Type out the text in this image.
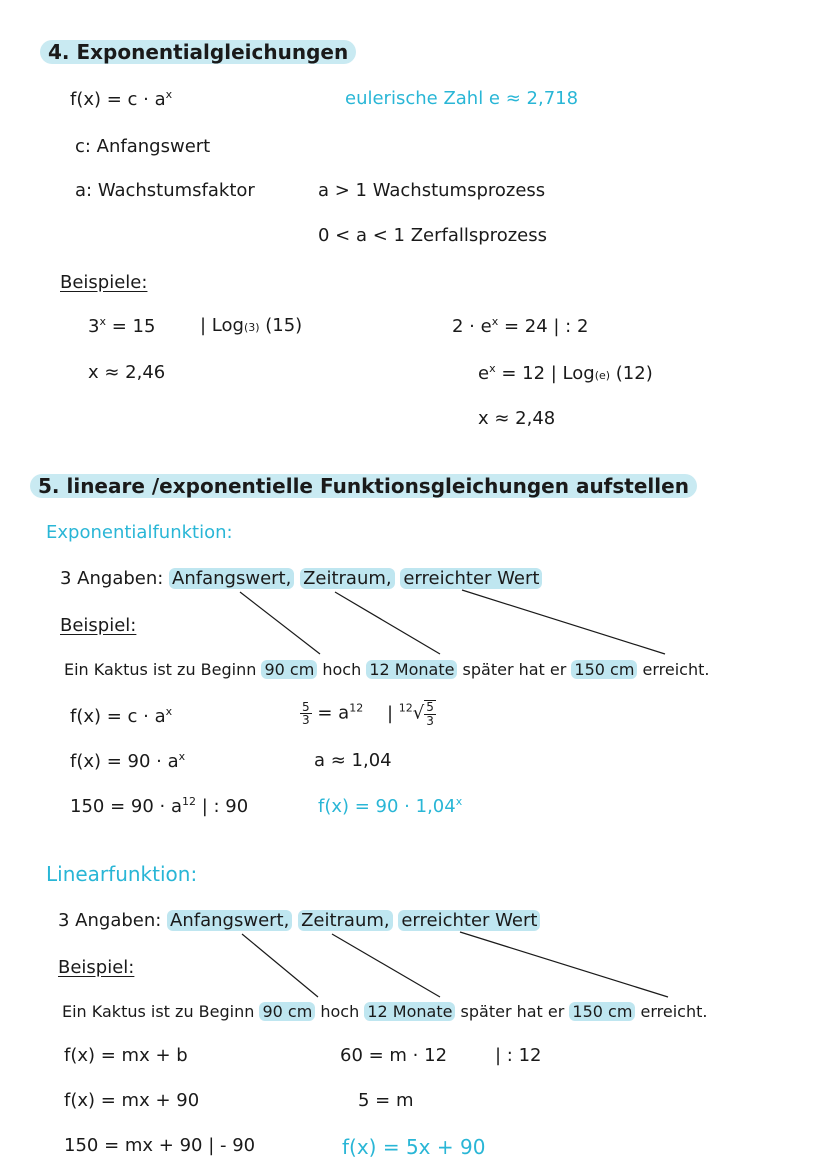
4. Exponentialgleichungen
$f(x) = c \cdot a^x$	eulerische Zahl e ≈ 2,718
c: Anfangswert
a: Wachstumsfaktor	a > 1 Wachstumsprozess
0 < a < 1 Zerfallsprozess
Beispiele:
$3^x = 15$ | Log(3) (15)
x ≈ 2,46
$2 \cdot e^x = 24$ | : 2
$e^x = 12$ | Log(e) (12)
x ≈ 2,48
5. lineare /exponentielle Funktionsgleichungen aufstellen
Exponentialfunktion:
3 Angaben: Anfangswert, Zeitraum, erreichter Wert
Beispiel:
Ein Kaktus ist zu Beginn 90 cm hoch 12 Monate später hat er 150 cm erreicht.
$f(x) = c \cdot a^x$
$f(x) = 90 \cdot a^x$
$150 = 90 \cdot a^{12}$ | : 90
$\frac{5}{3} = a^{12}$ | $^{12}√ \frac{5}{3}$
a ≈ 1,04
$f(x) = 90 \cdot 1,04^x$
Linearfunktion:
3 Angaben: Anfangswert, Zeitraum, erreichter Wert
Beispiel:
Ein Kaktus ist zu Beginn 90 cm hoch 12 Monate später hat er 150 cm erreicht.
f(x) = mx + b
f(x) = mx + 90
150 = mx + 90 | - 90
60 = m · 12	| : 12
5 = m
f(x) = 5x + 90
